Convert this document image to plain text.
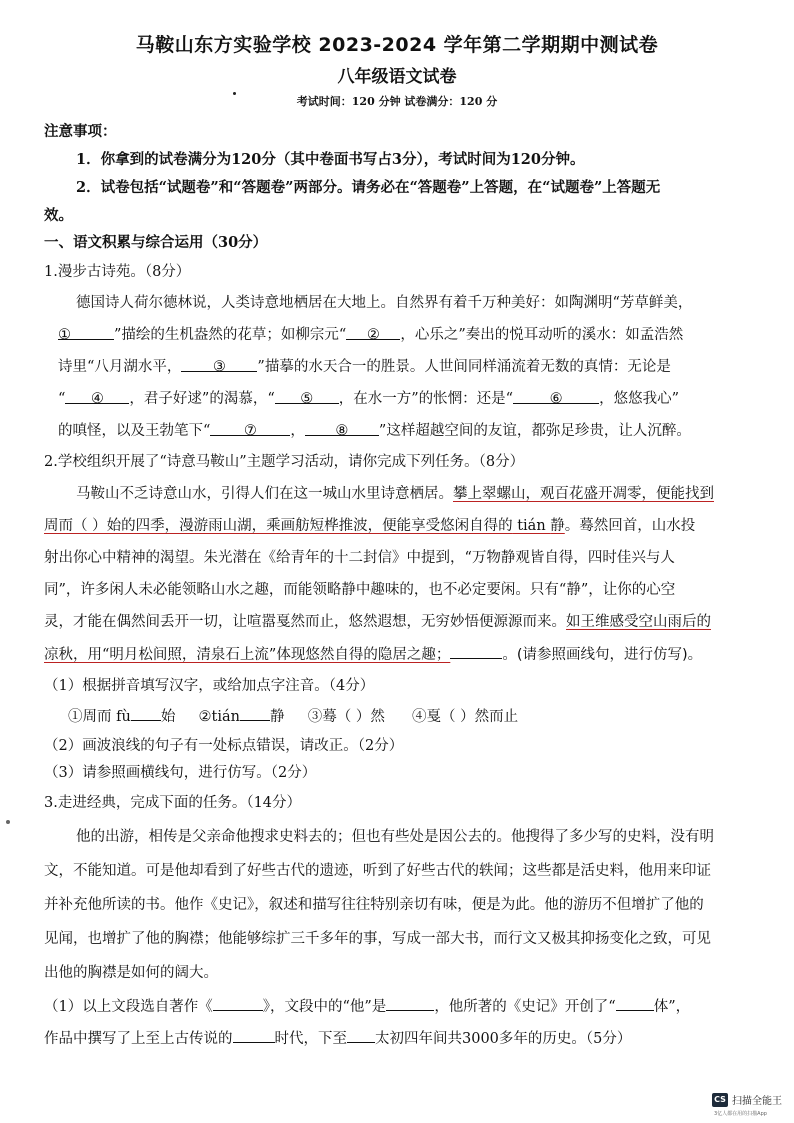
马鞍山东方实验学校 2023-2024 学年第二学期期中测试卷
八年级语文试卷
考试时间：120 分钟 试卷满分：120 分
注意事项：
1．你拿到的试卷满分为120分（其中卷面书写占3分），考试时间为120分钟。
2．试卷包括“试题卷”和“答题卷”两部分。请务必在“答题卷”上答题，在“试题卷”上答题无
效。
一、语文积累与综合运用（30分）
1.漫步古诗苑。（8分）
德国诗人荷尔德林说，人类诗意地栖居在大地上。自然界有着千万种美好：如陶渊明“芳草鲜美，
①	”描绘的生机盎然的花草；如柳宗元“ ② ，心乐之”奏出的悦耳动听的溪水：如孟浩然
诗里“八月湖水平， ③ ”描摹的水天合一的胜景。人世间同样涌流着无数的真情：无论是
“ ④ ，君子好逑”的渴慕，“ ⑤ ，在水一方”的怅惘：还是“	⑥	，悠悠我心”
的嗔怪，以及王勃笔下“ ⑦ ， ⑧ ”这样超越空间的友谊，都弥足珍贵，让人沉醉。
2.学校组织开展了“诗意马鞍山”主题学习活动，请你完成下列任务。（8分）
马鞍山不乏诗意山水，引得人们在这一城山水里诗意栖居。攀上翠螺山，观百花盛开凋零，便能找到
周而（ ）始的四季，漫游雨山湖，乘画舫短桦推波，便能享受悠闲自得的 tián 静。蓦然回首，山水投
射出你心中精神的渴望。朱光潜在《给青年的十二封信》中提到，“万物静观皆自得，四时佳兴与人
同”，许多闲人未必能领略山水之趣，而能领略静中趣味的，也不必定要闲。只有“静”，让你的心空
灵，才能在偶然间丢开一切，让喧嚣戛然而止，悠然遐想，无穷妙悟便源源而来。如王维感受空山雨后的
凉秋，用“明月松间照，清泉石上流”体现悠然自得的隐居之趣；	。(请参照画线句，进行仿写)。
（1）根据拼音填写汉字，或给加点字注音。（4分）
①周而 fù 始 ②tián 静 ③蓦（ ）然 ④戛（ ）然而止
（2）画波浪线的句子有一处标点错误，请改正。（2分）
（3）请参照画横线句，进行仿写。（2分）
3.走进经典，完成下面的任务。（14分）
他的出游，相传是父亲命他搜求史料去的；但也有些处是因公去的。他搜得了多少写的史料，没有明
文，不能知道。可是他却看到了好些古代的遗迹，听到了好些古代的轶闻；这些都是活史料，他用来印证
并补充他所读的书。他作《史记》，叙述和描写往往特别亲切有味，便是为此。他的游历不但增扩了他的
见闻，也增扩了他的胸襟；他能够综扩三千多年的事，写成一部大书，而行文又极其抑扬变化之致，可见
出他的胸襟是如何的阔大。
（1）以上文段选自著作《	》，文段中的“他”是	，他所著的《史记》开创了“	体”，
作品中撰写了上至上古传说的	时代，下至 太初四年间共3000多年的历史。（5分）
CS 扫描全能王
3亿人都在用的扫描App
